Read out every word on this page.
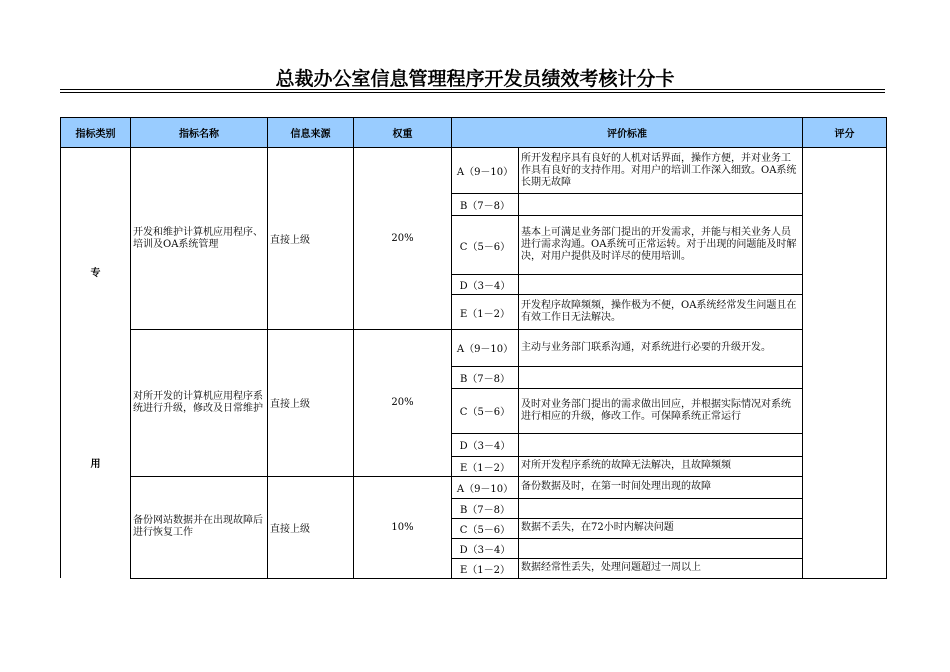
总裁办公室信息管理程序开发员绩效考核计分卡
指标类别	指标名称	信息来源	权重	评价标准		评分

专
用	开发和维护计算机应用程序、培训及OA系统管理	直接上级	20%	A（9－10）	所开发程序具有良好的人机对话界面，操作方便，并对业务工作具有良好的支持作用。对用户的培训工作深入细致。OA系统长期无故障	
				B（7－8）		
				C（5－6）	基本上可满足业务部门提出的开发需求，并能与相关业务人员进行需求沟通。OA系统可正常运转。对于出现的问题能及时解决，对用户提供及时详尽的使用培训。	
				D（3－4）		
				E（1－2）	开发程序故障频频，操作极为不便，OA系统经常发生问题且在有效工作日无法解决。	
	对所开发的计算机应用程序系统进行升级，修改及日常维护	直接上级	20%	A（9－10）	主动与业务部门联系沟通，对系统进行必要的升级开发。	
				B（7－8）		
				C（5－6）	及时对业务部门提出的需求做出回应，并根据实际情况对系统进行相应的升级，修改工作。可保障系统正常运行	
				D（3－4）		
				E（1－2）	对所开发程序系统的故障无法解决，且故障频频	
	备份网站数据并在出现故障后进行恢复工作	直接上级	10%	A（9－10）	备份数据及时，在第一时间处理出现的故障	
				B（7－8）		
				C（5－6）	数据不丢失，在72小时内解决问题	
				D（3－4）		
				E（1－2）	数据经常性丢失，处理问题超过一周以上	
